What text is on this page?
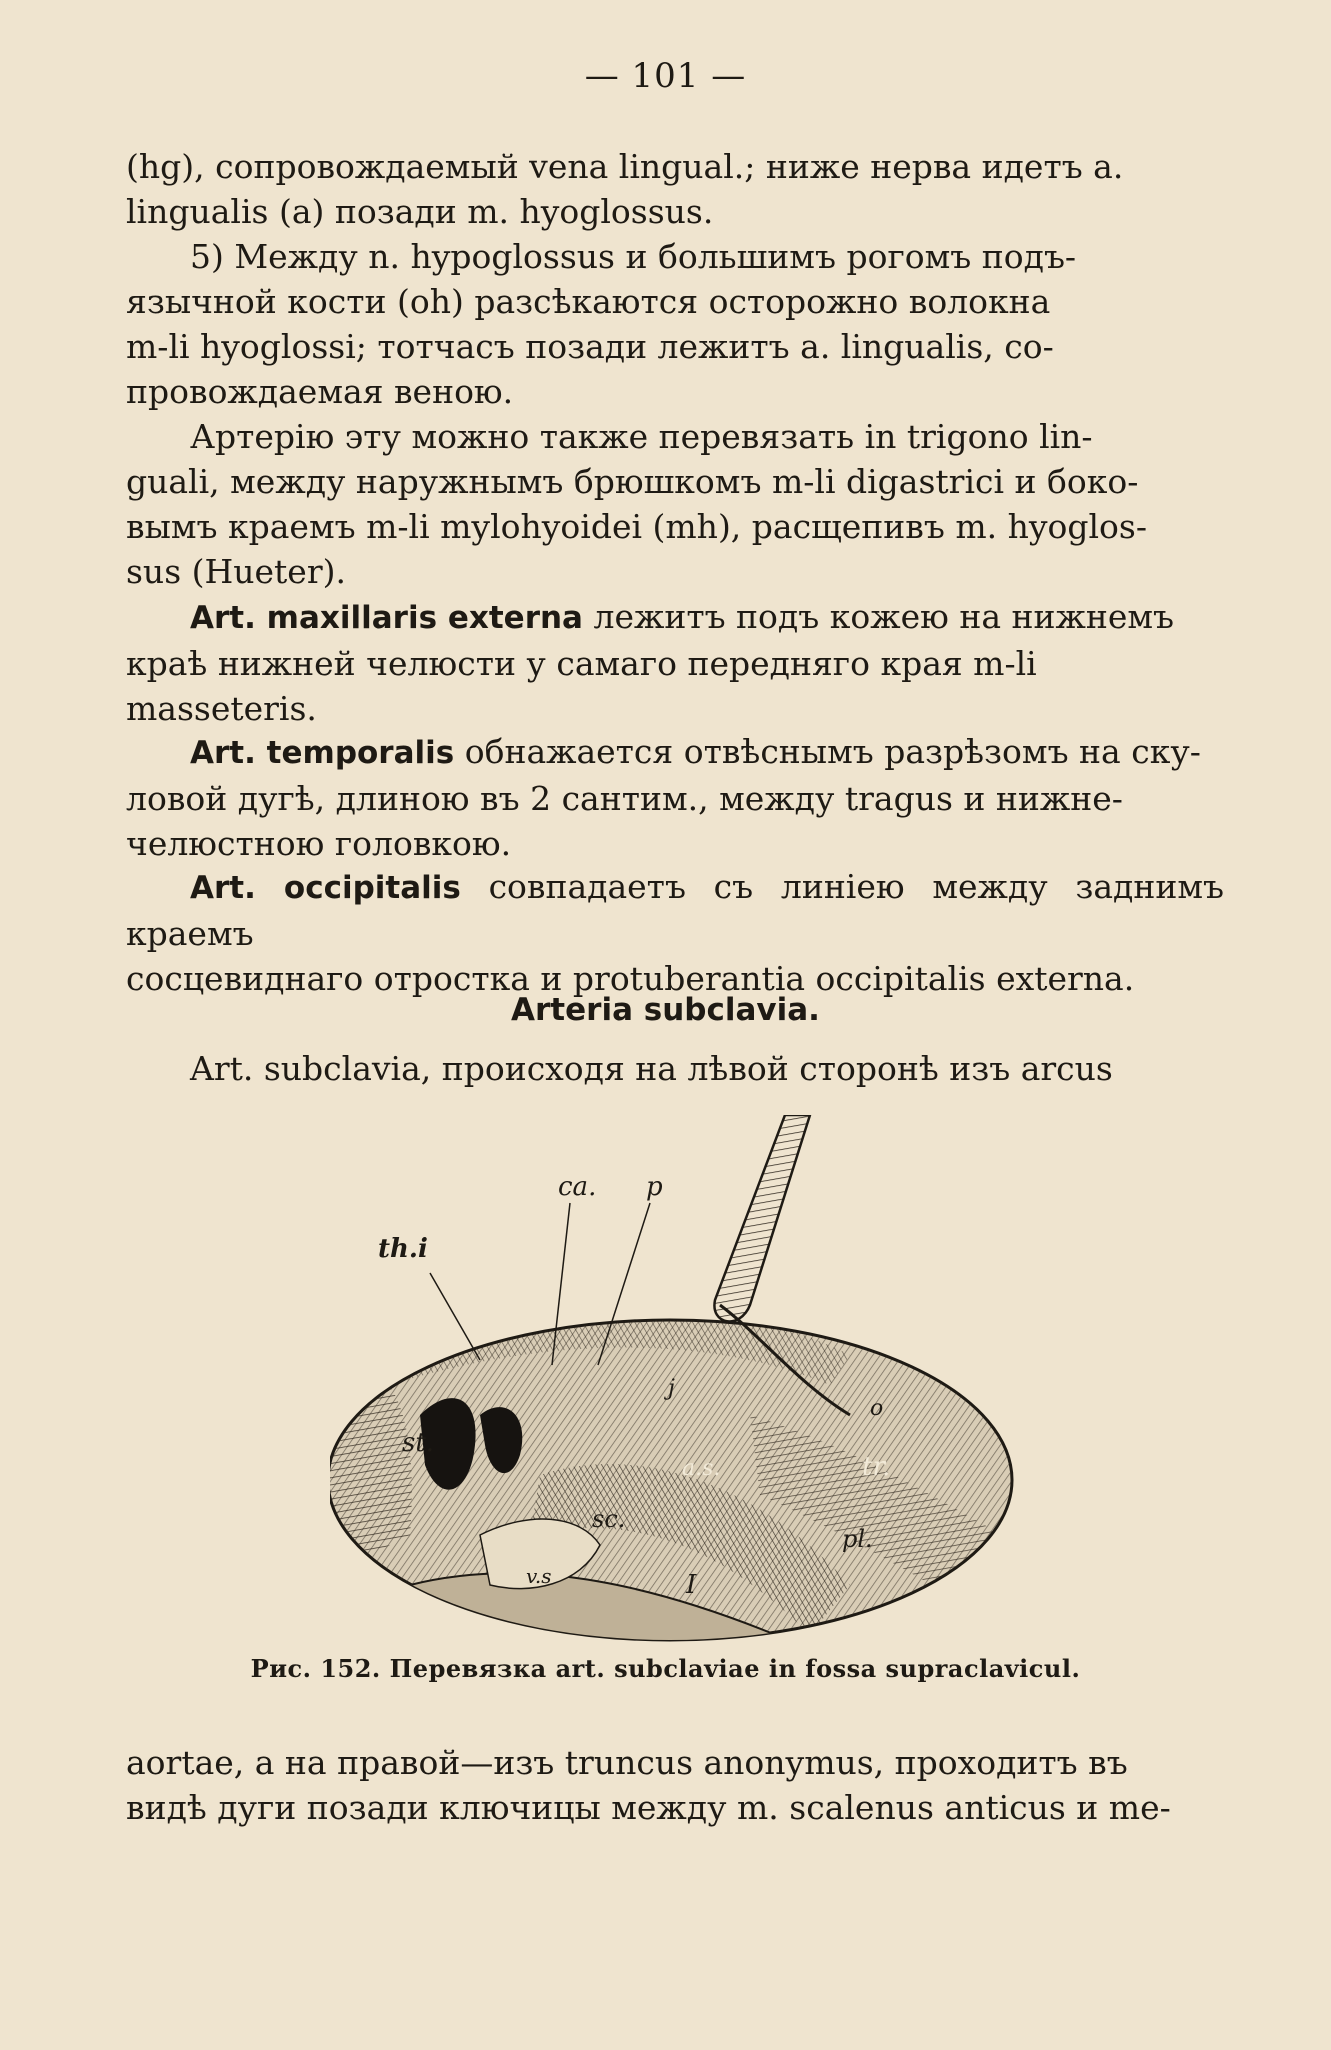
— 101 —

(hg), сопровождаемый vena lingual.; ниже нерва идетъ a.

lingualis (a) позади m. hyoglossus.

5) Между n. hypoglossus и большимъ рогомъ подъ-

язычной кости (oh) разсѣкаются осторожно волокна

m-li hyoglossi; тотчасъ позади лежитъ a. lingualis, со-

провождаемая веною.

Артерію эту можно также перевязать in trigono lin-

guali, между наружнымъ брюшкомъ m-li digastrici и боко-

вымъ краемъ m-li mylohyoidei (mh), расщепивъ m. hyoglos-

sus (Hueter).

Art. maxillaris externa лежитъ подъ кожею на нижнемъ

краѣ нижней челюсти у самаго передняго края m-li

masseteris.

Art. temporalis обнажается отвѣснымъ разрѣзомъ на ску-

ловой дугѣ, длиною въ 2 сантим., между tragus и нижне-

челюстною головкою.

Art. occipitalis совпадаетъ съ линіею между заднимъ краемъ

сосцевиднаго отростка и protuberantia occipitalis externa.

Arteria subclavia.

Art. subclavia, происходя на лѣвой сторонѣ изъ arcus

ca. p
th.i
j
o
st.
a.s.	tr.
sc.
pl.
v.s	I
Рис. 152. Перевязка art. subclaviae in fossa supraclavicul.

aortae, а на правой—изъ truncus anonymus, проходитъ въ

видѣ дуги позади ключицы между m. scalenus anticus и me-
